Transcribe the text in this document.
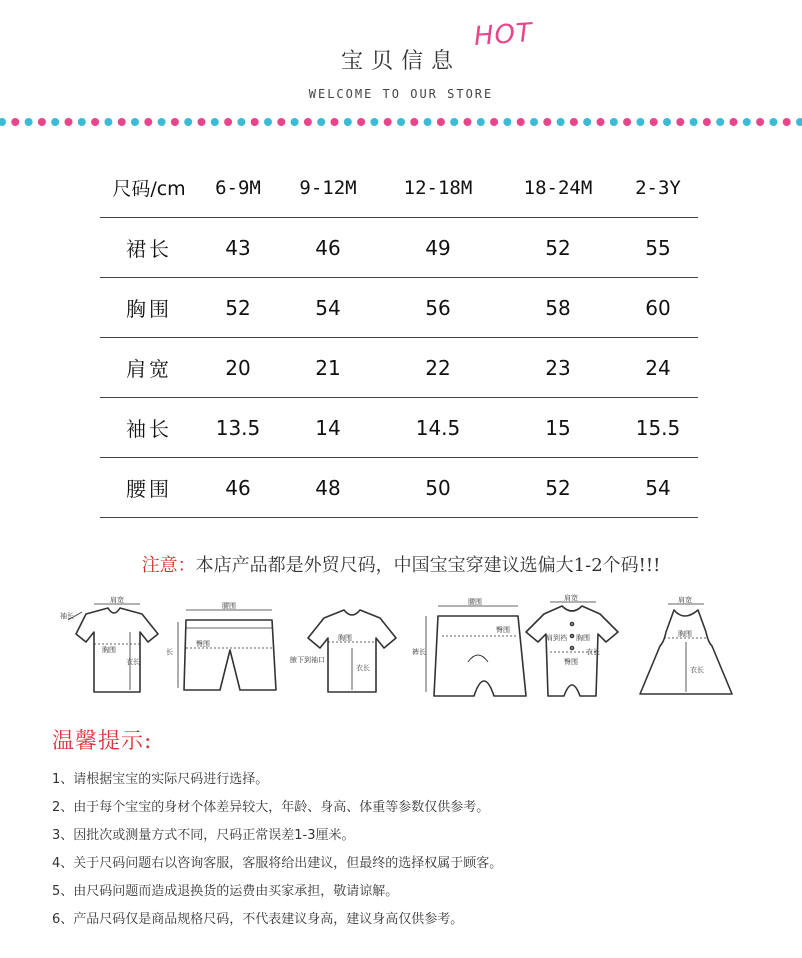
宝贝信息
HOT
WELCOME TO OUR STORE
尺码/cm	6-9M	9-12M	12-18M	18-24M	2-3Y
裙长	43	46	49	52	55
胸围	52	54	56	58	60
肩宽	20	21	22	23	24
袖长	13.5	14	14.5	15	15.5
腰围	46	48	50	52	54
注意：本店产品都是外贸尺码，中国宝宝穿建议选偏大1-2个码!!!
肩宽
袖长
胸围
衣长
腰围
臀围
长
胸围
腋下到袖口
衣长
腰围
裤长
臀围
肩宽
肩到裆 胸围
衣长
臀围
肩宽
胸围
衣长
温馨提示:
1、请根据宝宝的实际尺码进行选择。
2、由于每个宝宝的身材个体差异较大，年龄、身高、体重等参数仅供参考。
3、因批次或测量方式不同，尺码正常误差1-3厘米。
4、关于尺码问题右以咨询客服，客服将给出建议，但最终的选择权属于顾客。
5、由尺码问题而造成退换货的运费由买家承担，敬请谅解。
6、产品尺码仅是商品规格尺码，不代表建议身高，建议身高仅供参考。
